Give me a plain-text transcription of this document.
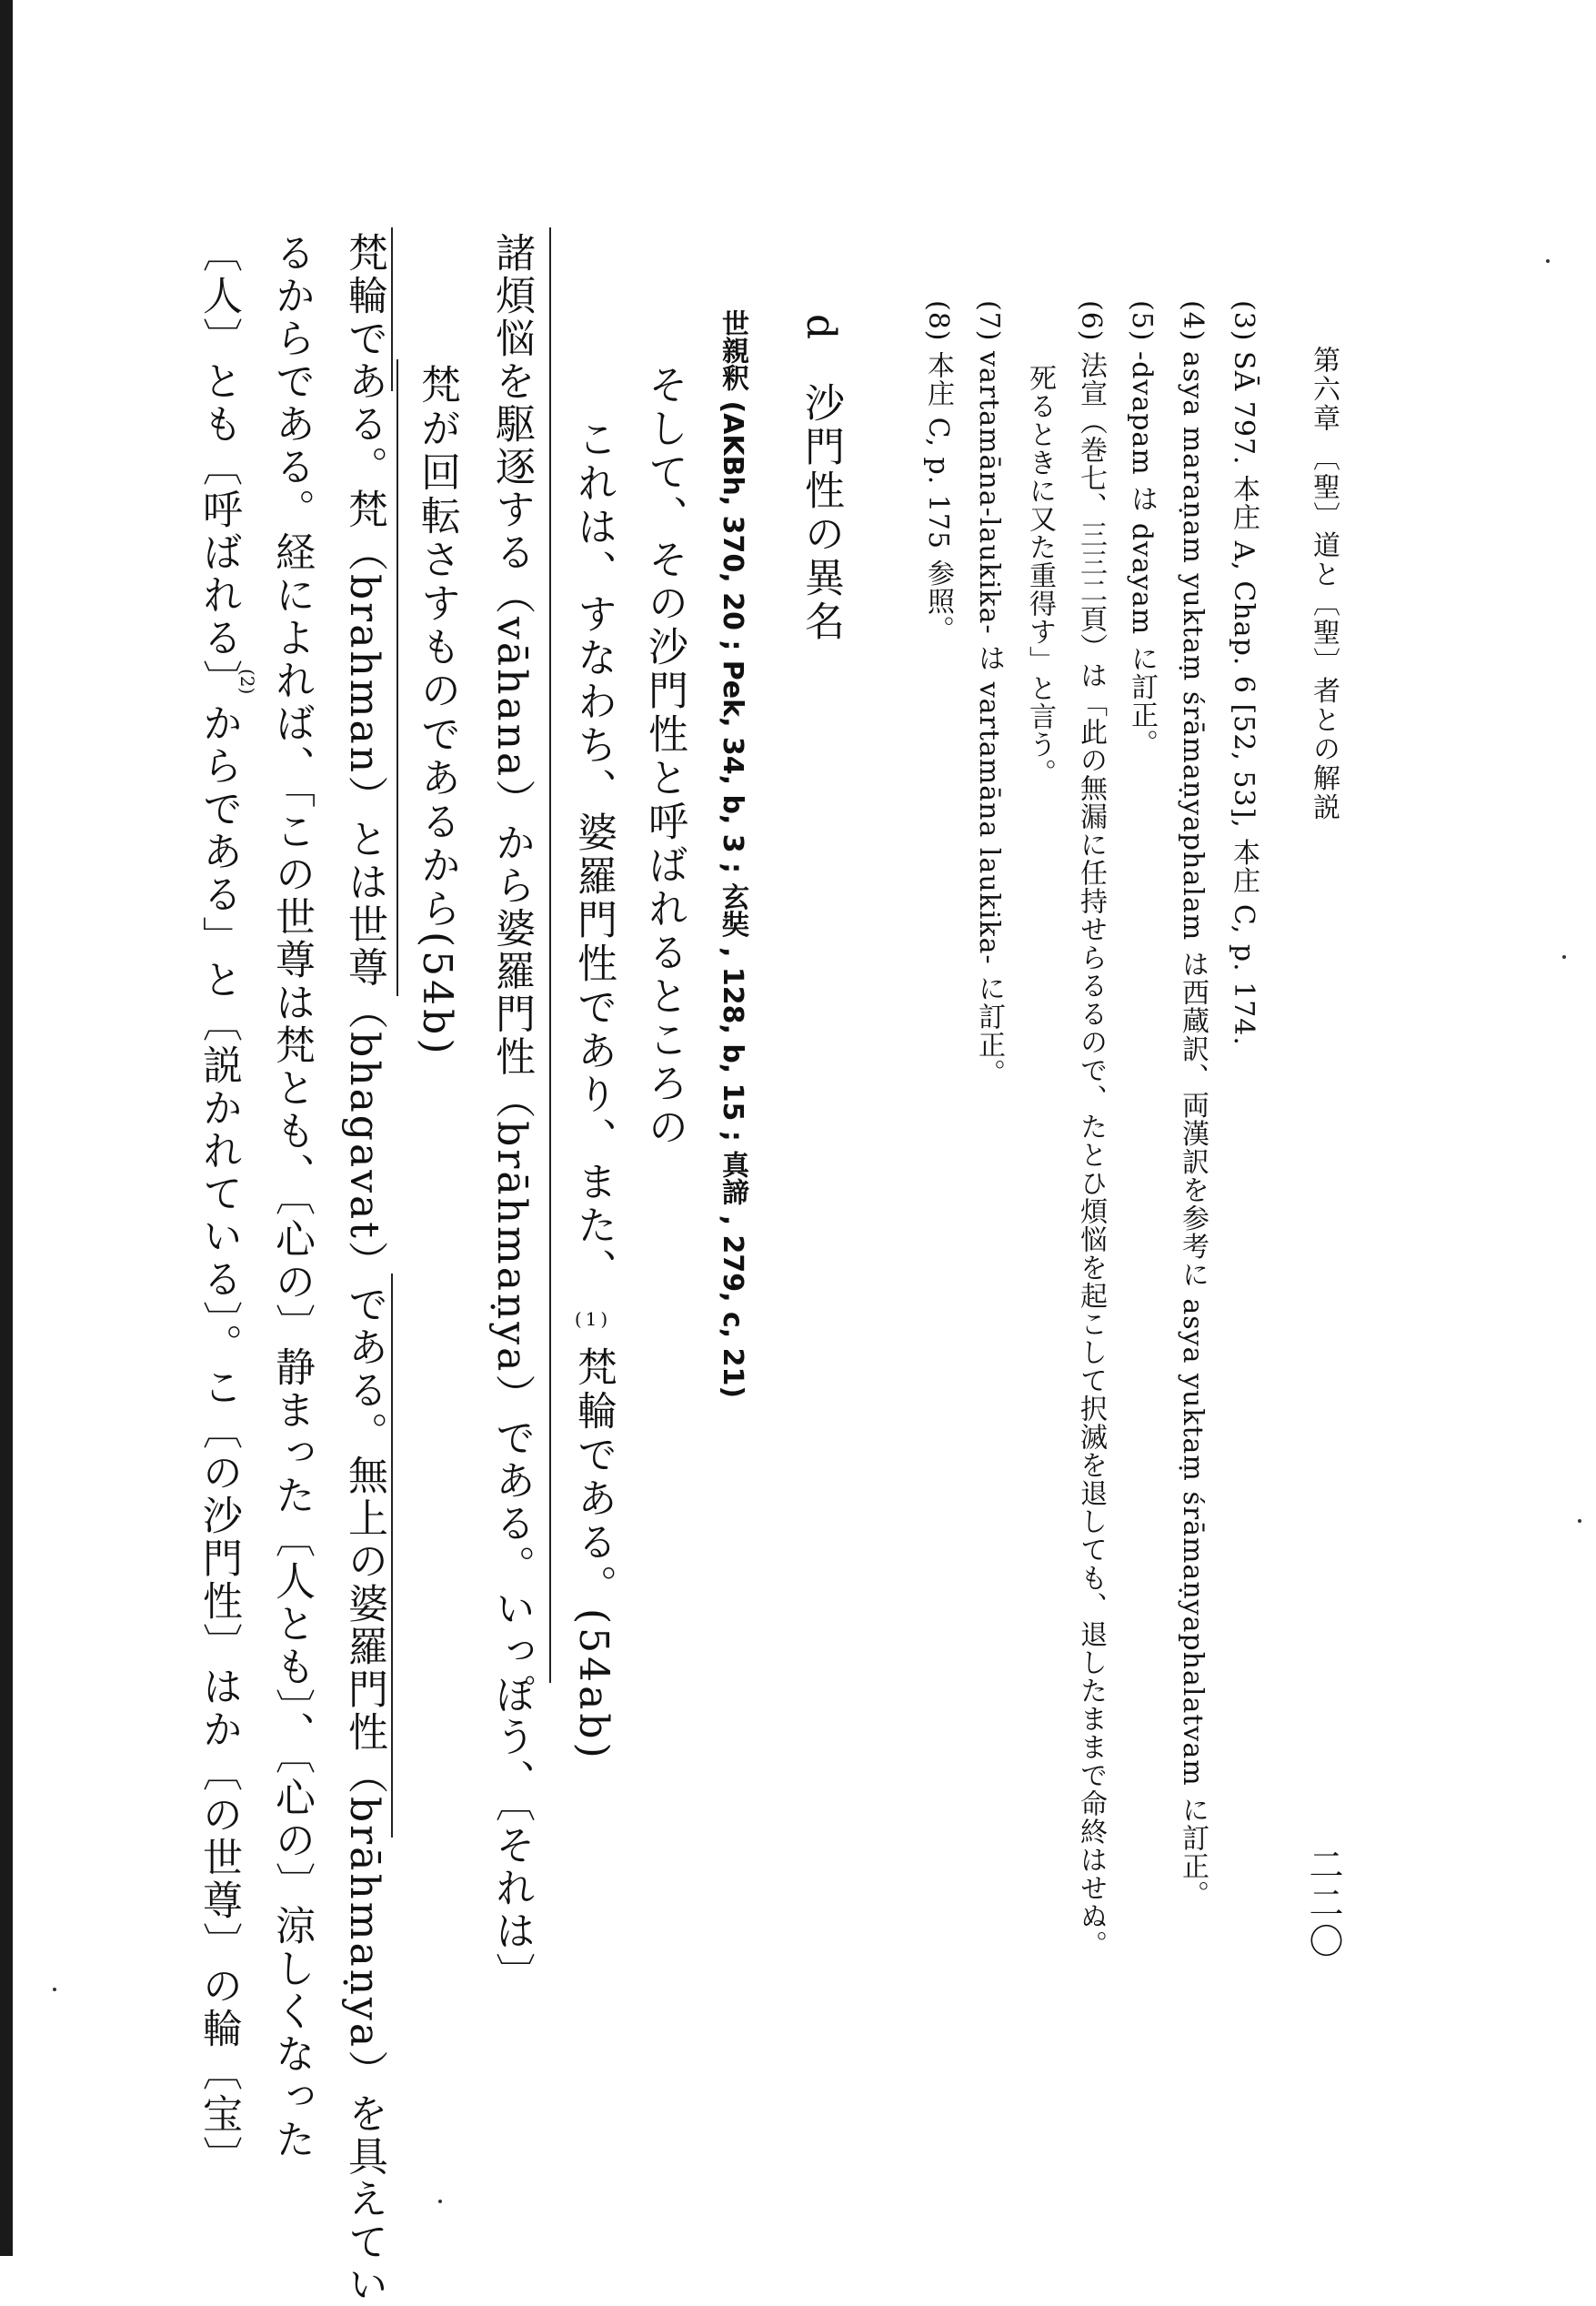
第六章 〔聖〕道と〔聖〕者との解説
二二〇
(3) SĀ 797. 本庄 A, Chap. 6 [52, 53], 本庄 C, p. 174.
(4) asya maraṇam yuktaṃ śrāmaṇyaphalam は西蔵訳、両漢訳を参考に asya yuktaṃ śrāmaṇyaphalatvam に訂正。
(5) -dvapam は dvayam に訂正。
(6) 法宣（巻七、三三二頁）は「此の無漏に任持せらるるので、たとひ煩悩を起こして択滅を退しても、退したままで命終はせぬ。
死るときに又た重得す」と言う。
(7) vartamāna-laukika- は vartamāna laukika- に訂正。
(8) 本庄 C, p. 175 参照。
d
沙門性の異名
そして、その沙門性と呼ばれるところの
これは、すなわち、婆羅門性であり、また、 (1) 梵輪である。(54ab)
世親釈 (AKBh, 370, 20 ; Pek, 34, b, 3 ; 玄奘 , 128, b, 15 ; 真諦 , 279, c, 21)
諸煩悩を駆逐する（vāhana）から婆羅門性（brāhmaṇya）である。いっぽう、〔それは〕
梵が回転さすものであるから(54b)
梵輪である。梵（brahman）とは世尊（bhagavat）である。無上の婆羅門性（brāhmaṇya）を具えてい
るからである。経によれば、「この世尊は梵とも、〔心の〕静まった〔人とも〕、〔心の〕涼しくなった
〔人〕とも〔呼ばれる〕からである」と〔説かれている〕。こ〔の沙門性〕はか〔の世尊〕の輪〔宝〕
(2)
